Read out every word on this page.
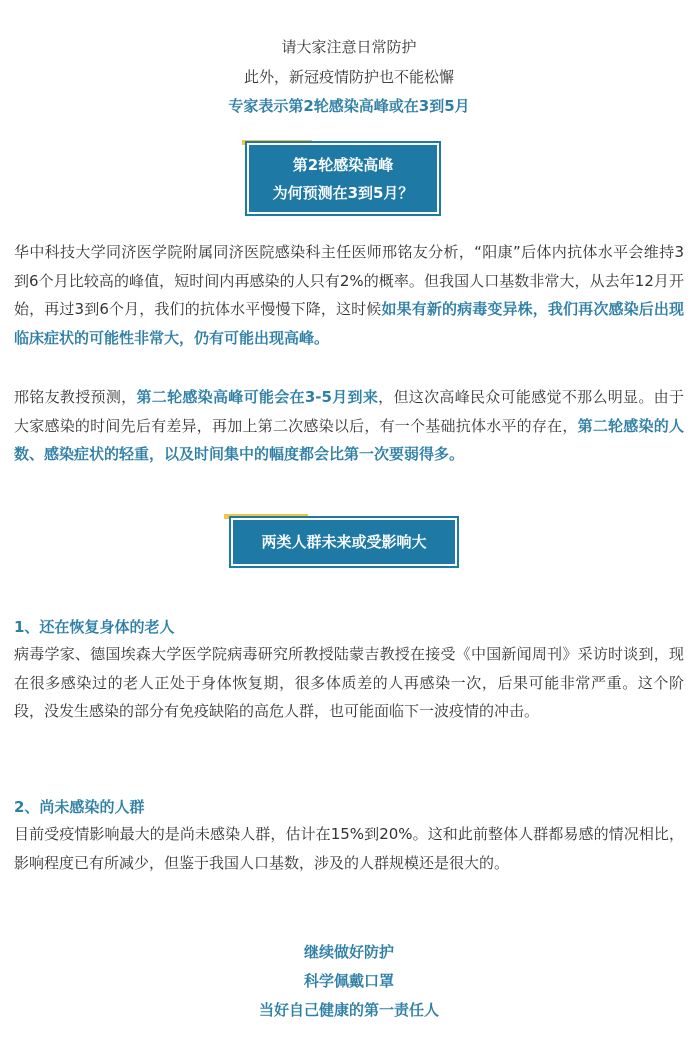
请大家注意日常防护
此外，新冠疫情防护也不能松懈
专家表示第2轮感染高峰或在3到5月
第2轮感染高峰
为何预测在3到5月？
华中科技大学同济医学院附属同济医院感染科主任医师邢铭友分析，“阳康”后体内抗体水平会维持3到6个月比较高的峰值，短时间内再感染的人只有2%的概率。但我国人口基数非常大，从去年12月开始，再过3到6个月，我们的抗体水平慢慢下降，这时候如果有新的病毒变异株，我们再次感染后出现临床症状的可能性非常大，仍有可能出现高峰。
邢铭友教授预测，第二轮感染高峰可能会在3-5月到来，但这次高峰民众可能感觉不那么明显。由于大家感染的时间先后有差异，再加上第二次感染以后，有一个基础抗体水平的存在，第二轮感染的人数、感染症状的轻重，以及时间集中的幅度都会比第一次要弱得多。
两类人群未来或受影响大
1、还在恢复身体的老人
病毒学家、德国埃森大学医学院病毒研究所教授陆蒙吉教授在接受《中国新闻周刊》采访时谈到，现在很多感染过的老人正处于身体恢复期，很多体质差的人再感染一次，后果可能非常严重。这个阶段，没发生感染的部分有免疫缺陷的高危人群，也可能面临下一波疫情的冲击。
2、尚未感染的人群
目前受疫情影响最大的是尚未感染人群，估计在15%到20%。这和此前整体人群都易感的情况相比，影响程度已有所减少，但鉴于我国人口基数，涉及的人群规模还是很大的。
继续做好防护
科学佩戴口罩
当好自己健康的第一责任人
